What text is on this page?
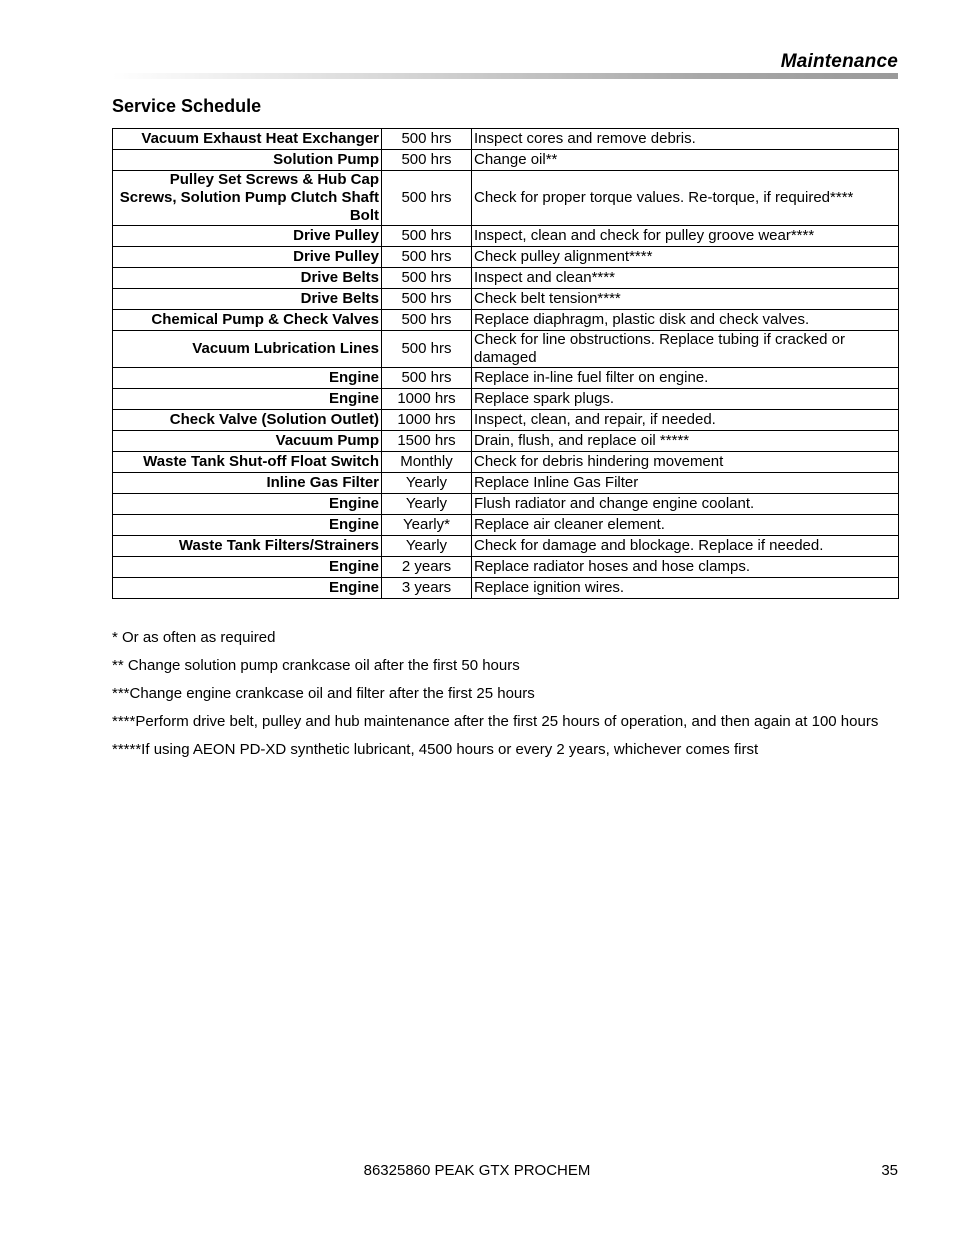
Maintenance
Service Schedule
Vacuum Exhaust Heat Exchanger	500 hrs	Inspect cores and remove debris.
Solution Pump	500 hrs	Change oil**
Pulley Set Screws & Hub Cap Screws, Solution Pump Clutch Shaft Bolt	500 hrs	Check for proper torque values. Re-torque, if required****
Drive Pulley	500 hrs	Inspect, clean and check for pulley groove wear****
Drive Pulley	500 hrs	Check pulley alignment****
Drive Belts	500 hrs	Inspect and clean****
Drive Belts	500 hrs	Check belt tension****
Chemical Pump & Check Valves	500 hrs	Replace diaphragm, plastic disk and check valves.
Vacuum Lubrication Lines	500 hrs	Check for line obstructions. Replace tubing if cracked or damaged
Engine	500 hrs	Replace in-line fuel filter on engine.
Engine	1000 hrs	Replace spark plugs.
Check Valve (Solution Outlet)	1000 hrs	Inspect, clean, and repair, if needed.
Vacuum Pump	1500 hrs	Drain, flush, and replace oil *****
Waste Tank Shut-off Float Switch	Monthly	Check for debris hindering movement
Inline Gas Filter	Yearly	Replace Inline Gas Filter
Engine	Yearly	Flush radiator and change engine coolant.
Engine	Yearly*	Replace air cleaner element.
Waste Tank Filters/Strainers	Yearly	Check for damage and blockage. Replace if needed.
Engine	2 years	Replace radiator hoses and hose clamps.
Engine	3 years	Replace ignition wires.
* Or as often as required
** Change solution pump crankcase oil after the first 50 hours
***Change engine crankcase oil and filter after the first 25 hours
****Perform drive belt, pulley and hub maintenance after the first 25 hours of operation, and then again at 100 hours
*****If using AEON PD-XD synthetic lubricant, 4500 hours or every 2 years, whichever comes first
86325860 PEAK GTX PROCHEM	35
